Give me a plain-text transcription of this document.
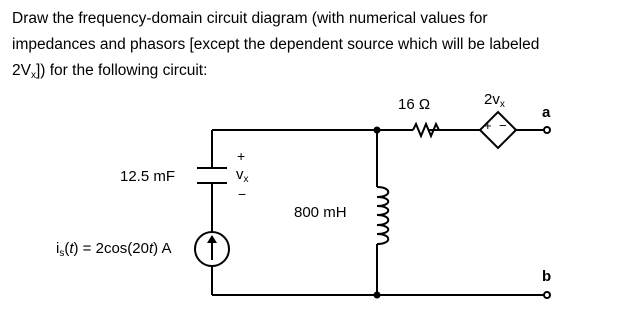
Draw the frequency-domain circuit diagram (with numerical values for

impedances and phasors [except the dependent source which will be labeled

$2V_x$]) for the following circuit:

+ −
16 Ω	$2v_x$ a
b
12.5 mF
+
$v_x$
−
800 mH
$i_s(t) = 2\cos(20t)$ A
